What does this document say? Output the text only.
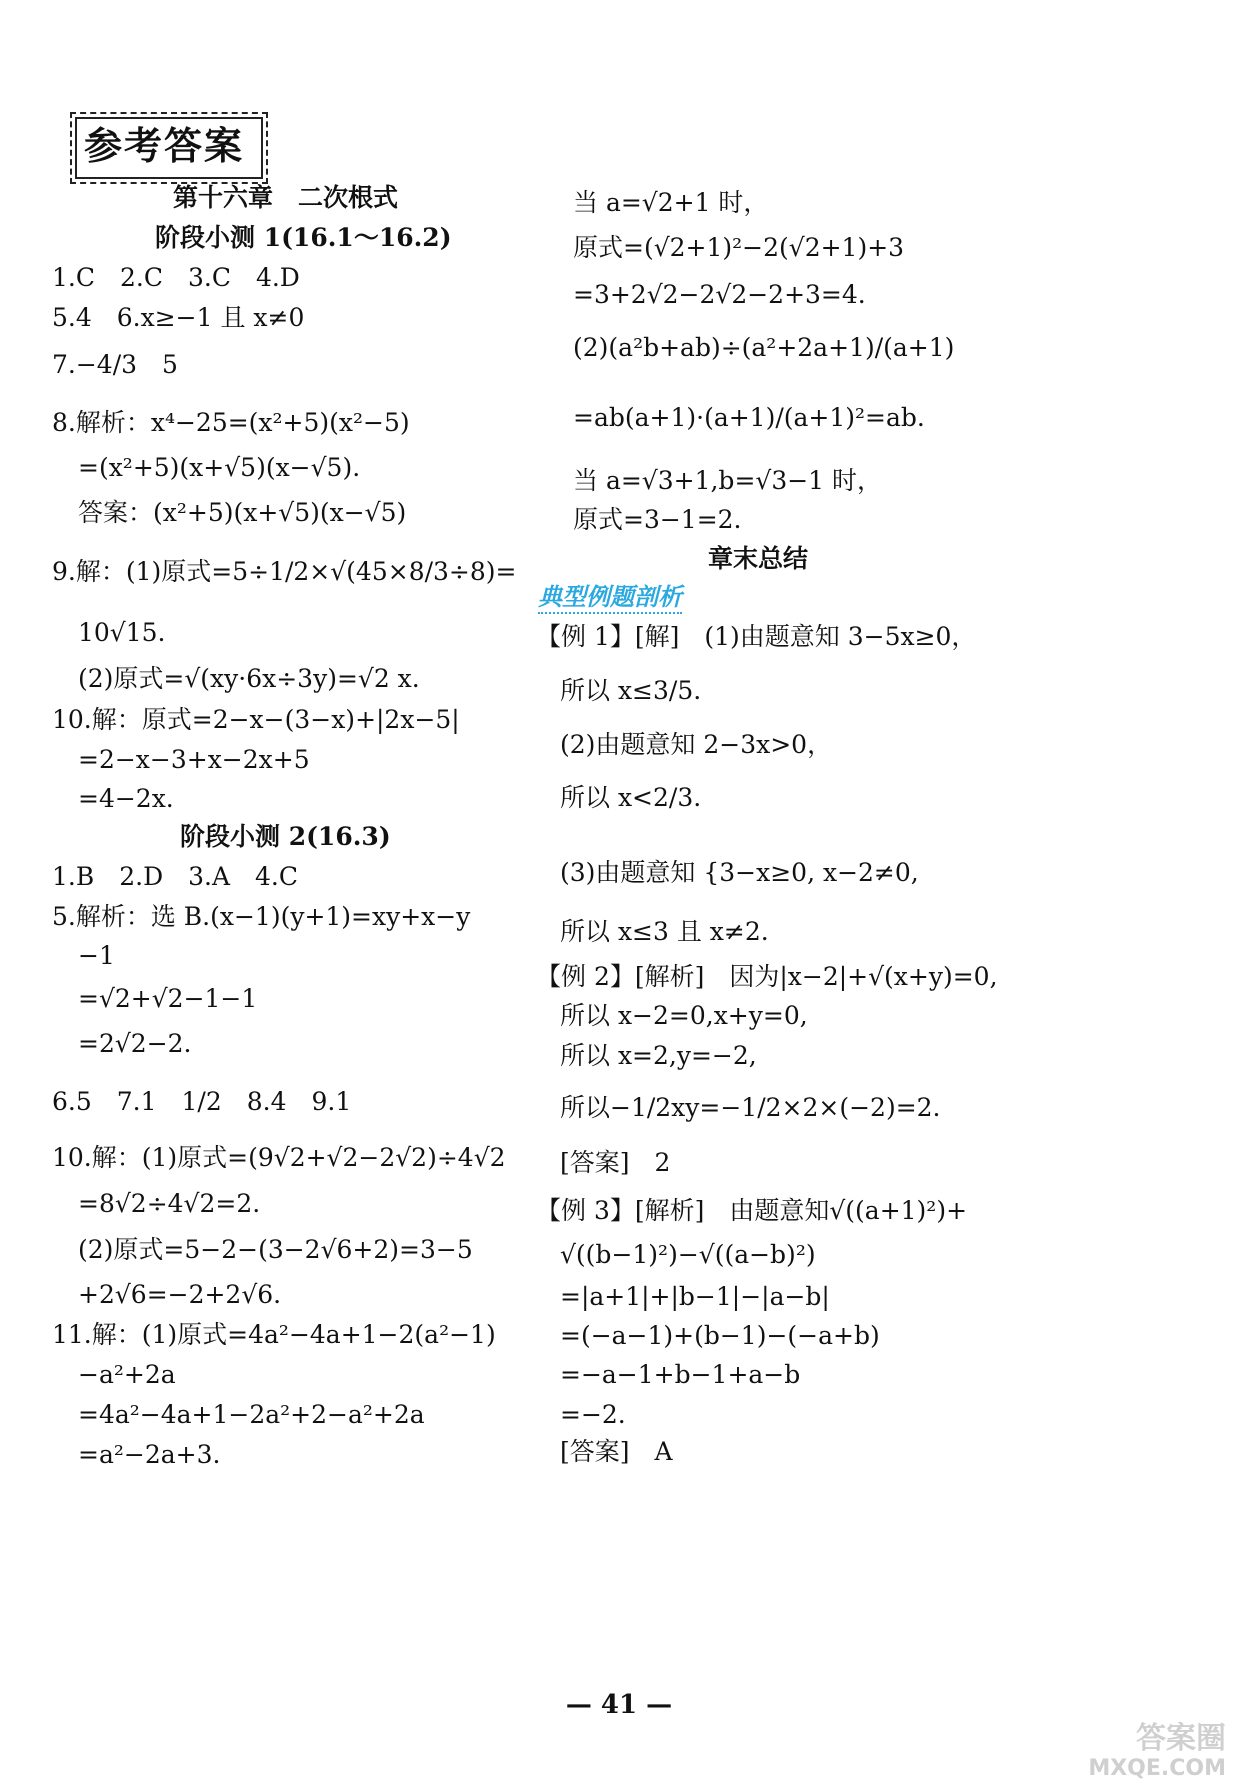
参考答案
第十六章　二次根式
阶段小测 1(16.1～16.2)
1.C　2.C　3.C　4.D
5.4　6.x≥−1 且 x≠0
7.−4/3　5
8.解析：x⁴−25=(x²+5)(x²−5)
=(x²+5)(x+√5)(x−√5).
答案：(x²+5)(x+√5)(x−√5)
9.解：(1)原式=5÷1/2×√(45×8/3÷8)=
10√15.
(2)原式=√(xy·6x÷3y)=√2 x.
10.解：原式=2−x−(3−x)+|2x−5|
=2−x−3+x−2x+5
=4−2x.
阶段小测 2(16.3)
1.B　2.D　3.A　4.C
5.解析：选 B.(x−1)(y+1)=xy+x−y
−1
=√2+√2−1−1
=2√2−2.
6.5　7.1　1/2　8.4　9.1
10.解：(1)原式=(9√2+√2−2√2)÷4√2
=8√2÷4√2=2.
(2)原式=5−2−(3−2√6+2)=3−5
+2√6=−2+2√6.
11.解：(1)原式=4a²−4a+1−2(a²−1)
−a²+2a
=4a²−4a+1−2a²+2−a²+2a
=a²−2a+3.
当 a=√2+1 时，
原式=(√2+1)²−2(√2+1)+3
=3+2√2−2√2−2+3=4.
(2)(a²b+ab)÷(a²+2a+1)/(a+1)
=ab(a+1)·(a+1)/(a+1)²=ab.
当 a=√3+1,b=√3−1 时，
原式=3−1=2.
章末总结
典型例题剖析
【例 1】[解]　(1)由题意知 3−5x≥0，
所以 x≤3/5.
(2)由题意知 2−3x>0，
所以 x<2/3.
(3)由题意知 {3−x≥0, x−2≠0,
所以 x≤3 且 x≠2.
【例 2】[解析]　因为|x−2|+√(x+y)=0,
所以 x−2=0,x+y=0,
所以 x=2,y=−2,
所以−1/2xy=−1/2×2×(−2)=2.
[答案]　2
【例 3】[解析]　由题意知√((a+1)²)+
√((b−1)²)−√((a−b)²)
=|a+1|+|b−1|−|a−b|
=(−a−1)+(b−1)−(−a+b)
=−a−1+b−1+a−b
=−2.
[答案]　A
— 41 —
答案圈
MXQE.COM
